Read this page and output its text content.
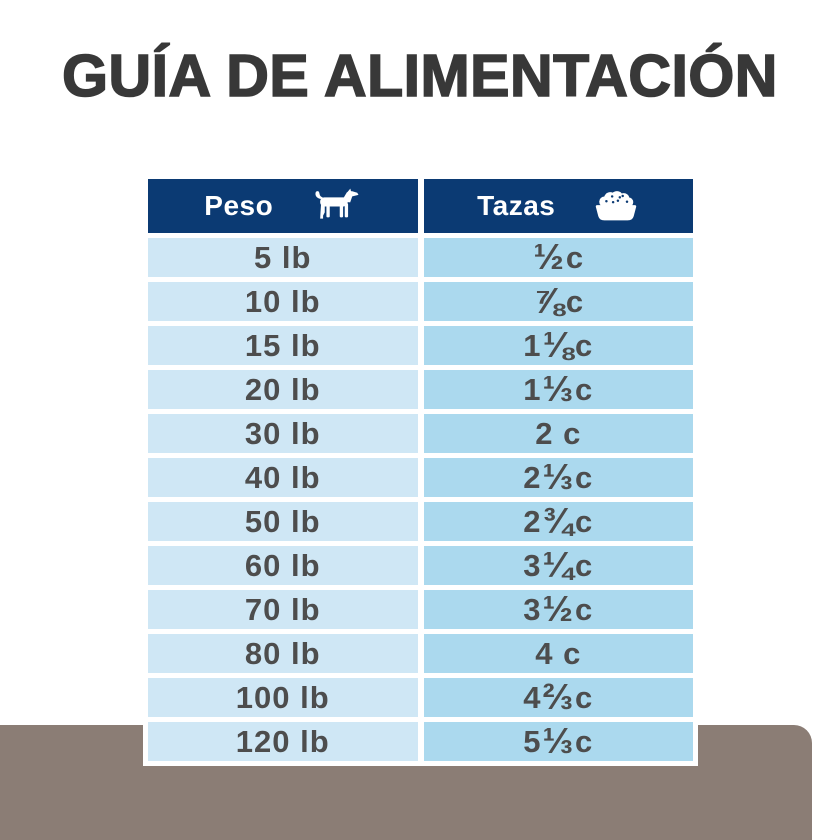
GUÍA DE ALIMENTACIÓN
Peso	Tazas
5 lb	½ c
10 lb	⅞ c
15 lb	1 ⅛ c
20 lb	1 ⅓ c
30 lb	2 c
40 lb	2 ⅓ c
50 lb	2 ¾ c
60 lb	3 ¼ c
70 lb	3 ½ c
80 lb	4 c
100 lb	4 ⅔ c
120 lb	5 ⅓ c
